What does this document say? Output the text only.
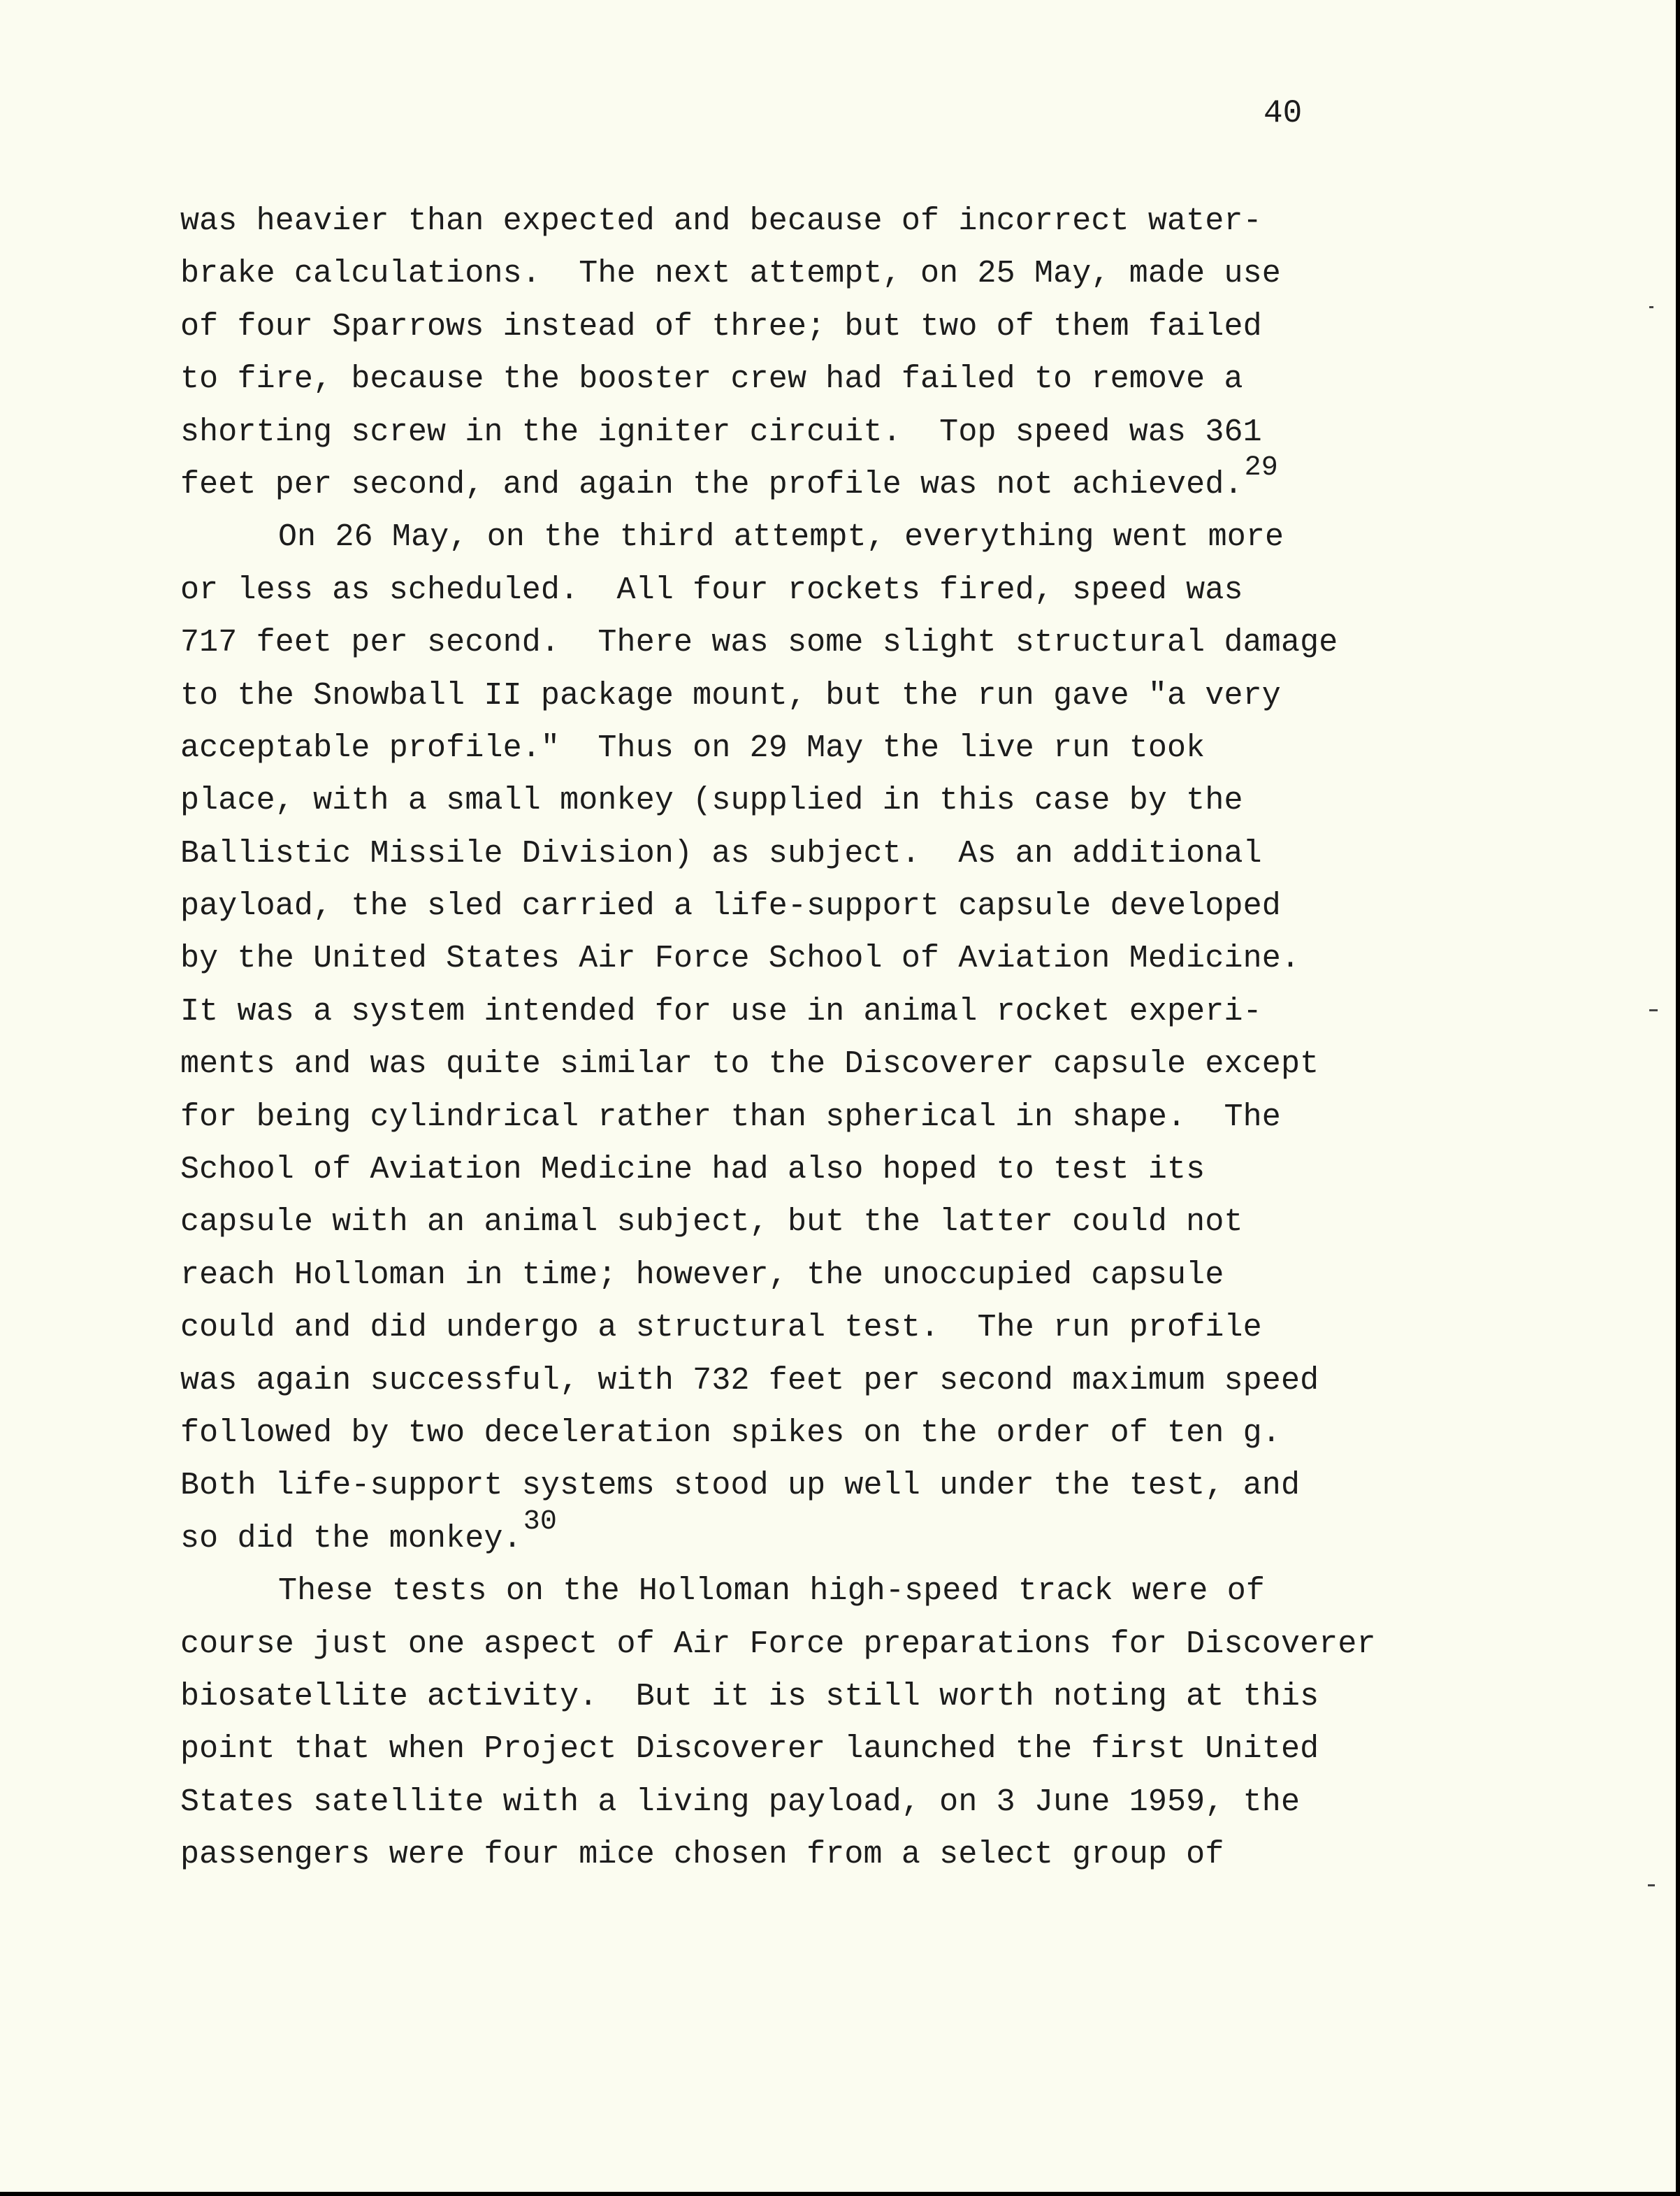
40
was heavier than expected and because of incorrect water-
brake calculations.  The next attempt, on 25 May, made use
of four Sparrows instead of three; but two of them failed
to fire, because the booster crew had failed to remove a
shorting screw in the igniter circuit.  Top speed was 361
feet per second, and again the profile was not achieved.29
On 26 May, on the third attempt, everything went more
or less as scheduled.  All four rockets fired, speed was
717 feet per second.  There was some slight structural damage
to the Snowball II package mount, but the run gave "a very
acceptable profile."  Thus on 29 May the live run took
place, with a small monkey (supplied in this case by the
Ballistic Missile Division) as subject.  As an additional
payload, the sled carried a life-support capsule developed
by the United States Air Force School of Aviation Medicine.
It was a system intended for use in animal rocket experi-
ments and was quite similar to the Discoverer capsule except
for being cylindrical rather than spherical in shape.  The
School of Aviation Medicine had also hoped to test its
capsule with an animal subject, but the latter could not
reach Holloman in time; however, the unoccupied capsule
could and did undergo a structural test.  The run profile
was again successful, with 732 feet per second maximum speed
followed by two deceleration spikes on the order of ten g.
Both life-support systems stood up well under the test, and
so did the monkey.30
These tests on the Holloman high-speed track were of
course just one aspect of Air Force preparations for Discoverer
biosatellite activity.  But it is still worth noting at this
point that when Project Discoverer launched the first United
States satellite with a living payload, on 3 June 1959, the
passengers were four mice chosen from a select group of
